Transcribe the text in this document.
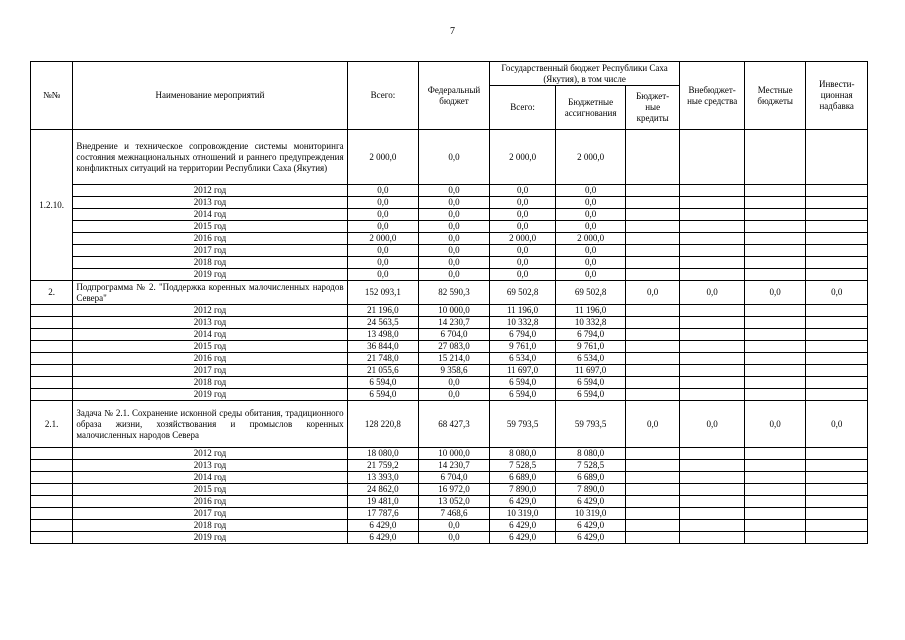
7
№№	Наименование мероприятий	Всего:	Федеральный бюджет	Государственный бюджет Республики Саха (Якутия), в том числе			Внебюджет-ные средства	Местные бюджеты	Инвести-ционная надбавка
				Всего:	Бюджетные ассигнования	Бюджет-ные кредиты			
1.2.10.	Внедрение и техническое сопровождение системы мониторинга состояния межнациональных отношений и раннего предупреждения конфликтных ситуаций на территории Республики Саха (Якутия)	2 000,0	0,0	2 000,0	2 000,0				
	2012 год	0,0	0,0	0,0	0,0				
	2013 год	0,0	0,0	0,0	0,0				
	2014 год	0,0	0,0	0,0	0,0				
	2015 год	0,0	0,0	0,0	0,0				
	2016 год	2 000,0	0,0	2 000,0	2 000,0				
	2017 год	0,0	0,0	0,0	0,0				
	2018 год	0,0	0,0	0,0	0,0				
	2019 год	0,0	0,0	0,0	0,0				
2.	Подпрограмма № 2. "Поддержка коренных малочисленных народов Севера"	152 093,1	82 590,3	69 502,8	69 502,8	0,0	0,0	0,0	0,0
	2012 год	21 196,0	10 000,0	11 196,0	11 196,0				
	2013 год	24 563,5	14 230,7	10 332,8	10 332,8				
	2014 год	13 498,0	6 704,0	6 794,0	6 794,0				
	2015 год	36 844,0	27 083,0	9 761,0	9 761,0				
	2016 год	21 748,0	15 214,0	6 534,0	6 534,0				
	2017 год	21 055,6	9 358,6	11 697,0	11 697,0				
	2018 год	6 594,0	0,0	6 594,0	6 594,0				
	2019 год	6 594,0	0,0	6 594,0	6 594,0				
2.1.	Задача № 2.1. Сохранение исконной среды обитания, традиционного образа жизни, хозяйствования и промыслов коренных малочисленных народов Севера	128 220,8	68 427,3	59 793,5	59 793,5	0,0	0,0	0,0	0,0
	2012 год	18 080,0	10 000,0	8 080,0	8 080,0				
	2013 год	21 759,2	14 230,7	7 528,5	7 528,5				
	2014 год	13 393,0	6 704,0	6 689,0	6 689,0				
	2015 год	24 862,0	16 972,0	7 890,0	7 890,0				
	2016 год	19 481,0	13 052,0	6 429,0	6 429,0				
	2017 год	17 787,6	7 468,6	10 319,0	10 319,0				
	2018 год	6 429,0	0,0	6 429,0	6 429,0				
	2019 год	6 429,0	0,0	6 429,0	6 429,0				
